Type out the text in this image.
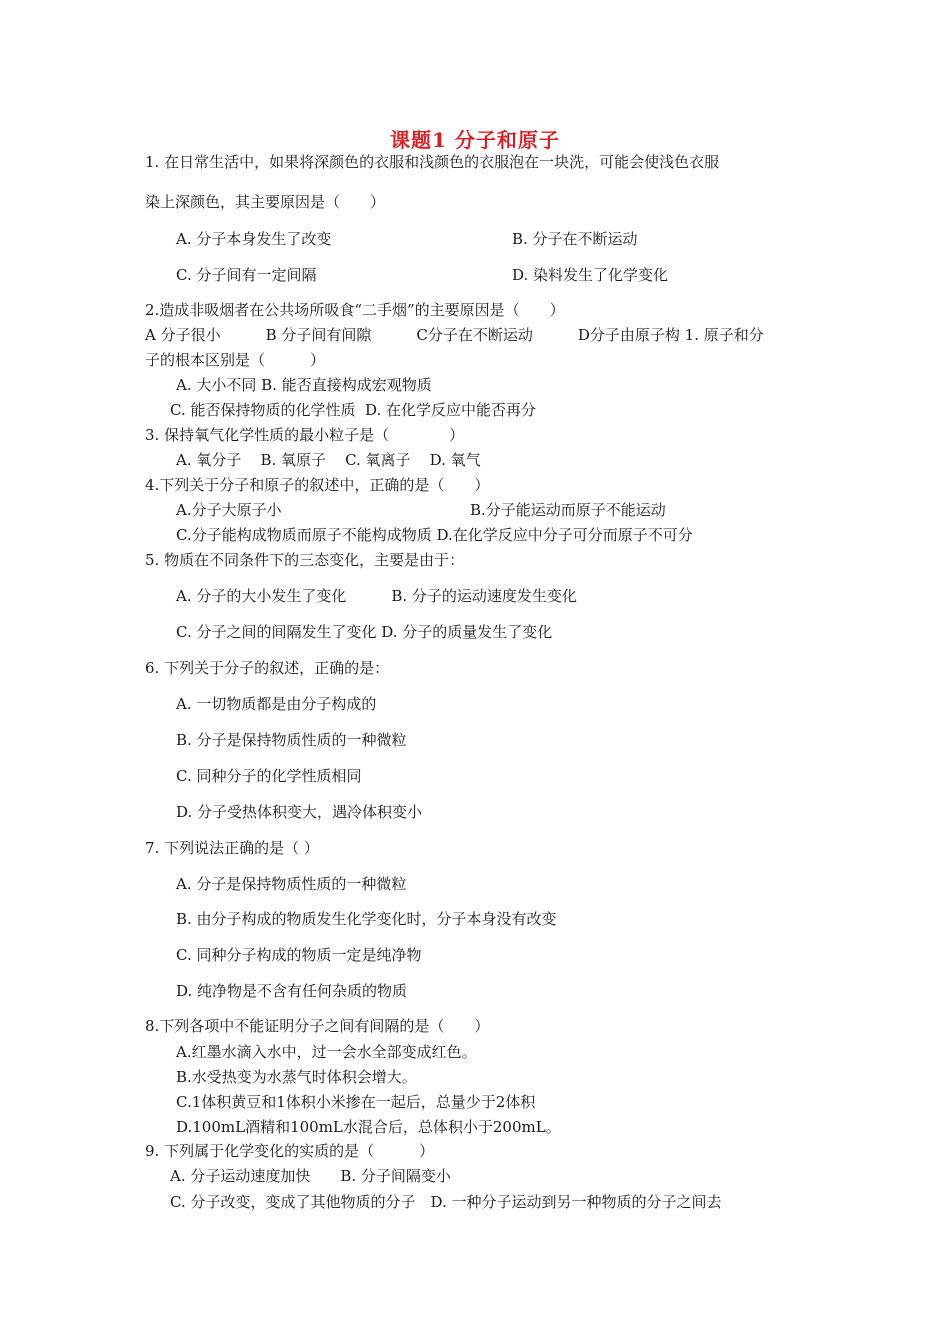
课题1 分子和原子
1. 在日常生活中，如果将深颜色的衣服和浅颜色的衣服泡在一块洗，可能会使浅色衣服
染上深颜色，其主要原因是（　　）
A. 分子本身发生了改变	B. 分子在不断运动
C. 分子间有一定间隔	D. 染料发生了化学变化
2.造成非吸烟者在公共场所吸食“二手烟”的主要原因是（　　）
A 分子很小　　　B 分子间有间隙　　　C分子在不断运动　　　D分子由原子构 1. 原子和分
子的根本区别是（　　　）
A. 大小不同 B. 能否直接构成宏观物质
C. 能否保持物质的化学性质  D. 在化学反应中能否再分
3. 保持氧气化学性质的最小粒子是（　　　　）
A. 氧分子    B. 氧原子    C. 氧离子    D. 氧气
4.下列关于分子和原子的叙述中，正确的是（　　）
A.分子大原子小	B.分子能运动而原子不能运动
C.分子能构成物质而原子不能构成物质 D.在化学反应中分子可分而原子不可分
5. 物质在不同条件下的三态变化，主要是由于：
A. 分子的大小发生了变化　　　B. 分子的运动速度发生变化
C. 分子之间的间隔发生了变化 D. 分子的质量发生了变化
6. 下列关于分子的叙述，正确的是：
A. 一切物质都是由分子构成的
B. 分子是保持物质性质的一种微粒
C. 同种分子的化学性质相同
D. 分子受热体积变大，遇冷体积变小
7. 下列说法正确的是（ ）
A. 分子是保持物质性质的一种微粒
B. 由分子构成的物质发生化学变化时，分子本身没有改变
C. 同种分子构成的物质一定是纯净物
D. 纯净物是不含有任何杂质的物质
8.下列各项中不能证明分子之间有间隔的是（　　）
A.红墨水滴入水中，过一会水全部变成红色。
B.水受热变为水蒸气时体积会增大。
C.1体积黄豆和1体积小米掺在一起后，总量少于2体积
D.100mL酒精和100mL水混合后，总体积小于200mL。
9. 下列属于化学变化的实质的是（　　　）
A. 分子运动速度加快　　B. 分子间隔变小
C. 分子改变，变成了其他物质的分子　D. 一种分子运动到另一种物质的分子之间去
